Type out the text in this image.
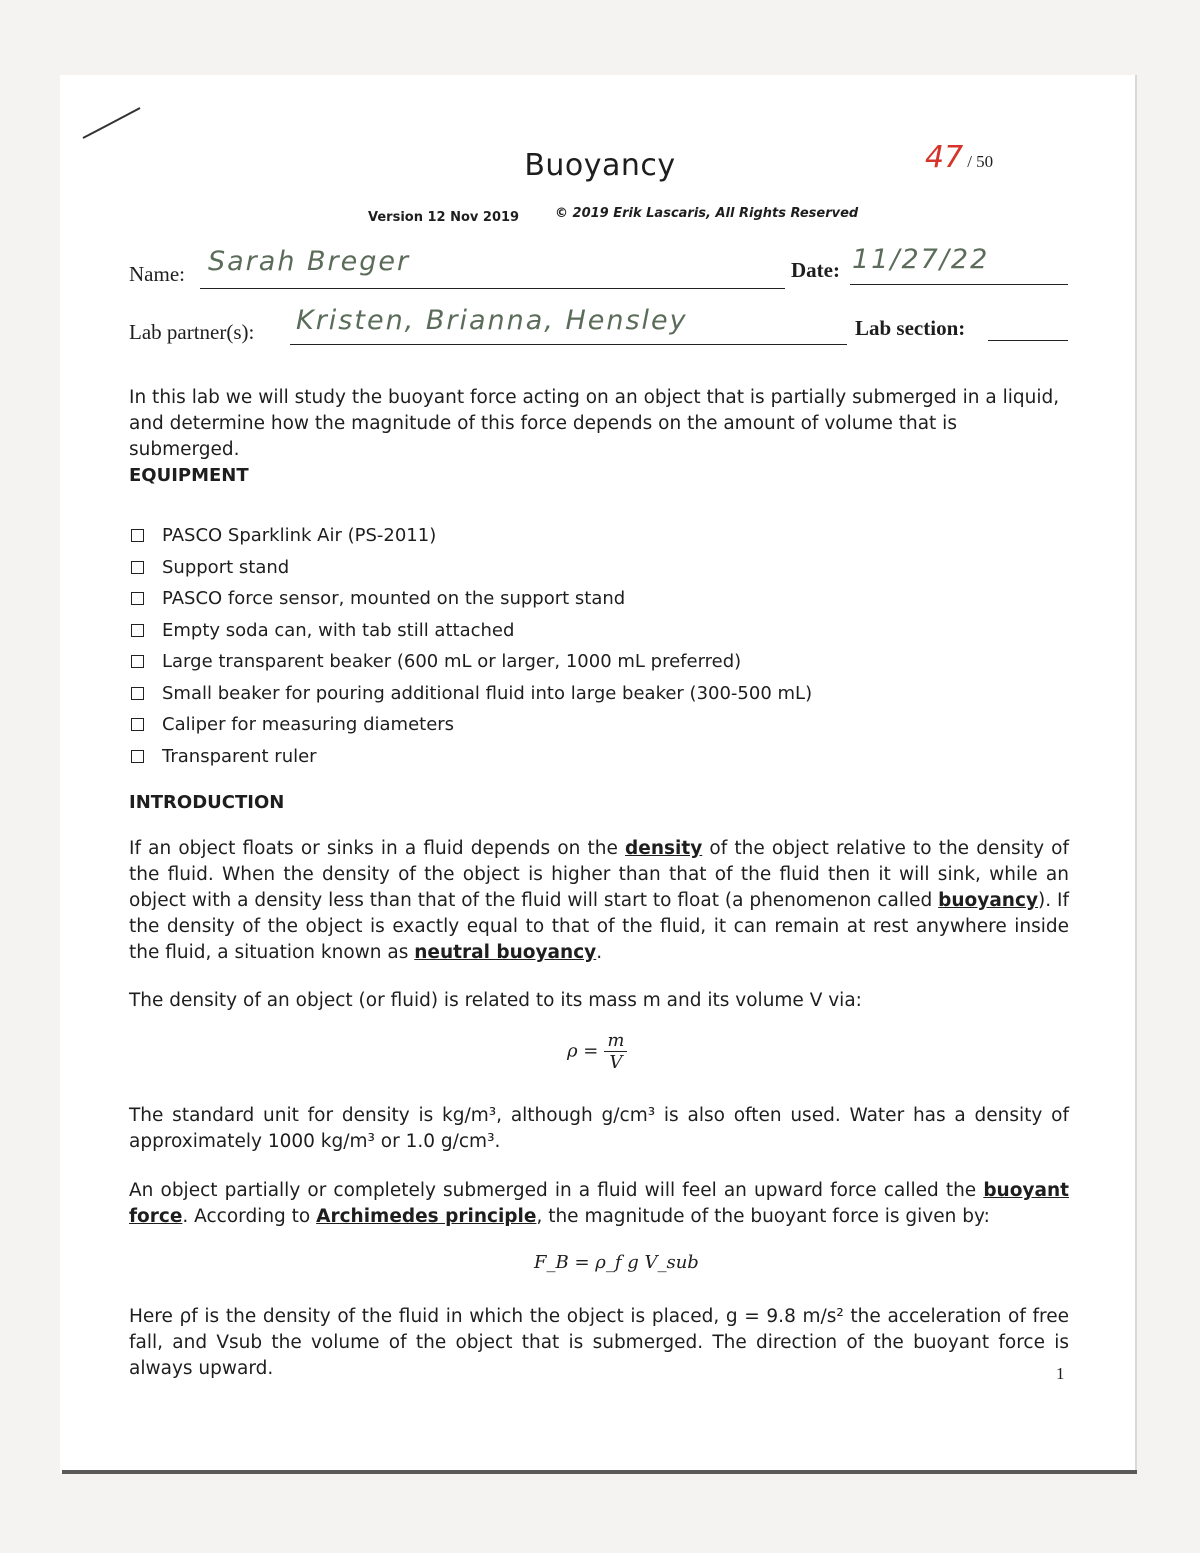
Buoyancy	47 / 50
Version 12 Nov 2019	© 2019 Erik Lascaris, All Rights Reserved
Name: Sarah Breger	Date: 11/27/22
Lab partner(s): Kristen, Brianna, Hensley	Lab section:
In this lab we will study the buoyant force acting on an object that is partially submerged in a liquid, and determine how the magnitude of this force depends on the amount of volume that is submerged.
EQUIPMENT
PASCO Sparklink Air (PS-2011)
Support stand
PASCO force sensor, mounted on the support stand
Empty soda can, with tab still attached
Large transparent beaker (600 mL or larger, 1000 mL preferred)
Small beaker for pouring additional fluid into large beaker (300-500 mL)
Caliper for measuring diameters
Transparent ruler
INTRODUCTION
If an object floats or sinks in a fluid depends on the density of the object relative to the density of the fluid. When the density of the object is higher than that of the fluid then it will sink, while an object with a density less than that of the fluid will start to float (a phenomenon called buoyancy). If the density of the object is exactly equal to that of the fluid, it can remain at rest anywhere inside the fluid, a situation known as neutral buoyancy.
The density of an object (or fluid) is related to its mass m and its volume V via:
$\rho = \frac{m}{V}$
The standard unit for density is kg/m³, although g/cm³ is also often used. Water has a density of approximately 1000 kg/m³ or 1.0 g/cm³.
An object partially or completely submerged in a fluid will feel an upward force called the buoyant force. According to Archimedes principle, the magnitude of the buoyant force is given by:
F_B = ρ_f g V_sub
Here ρf is the density of the fluid in which the object is placed, g = 9.8 m/s² the acceleration of free fall, and Vsub the volume of the object that is submerged. The direction of the buoyant force is always upward.	1
